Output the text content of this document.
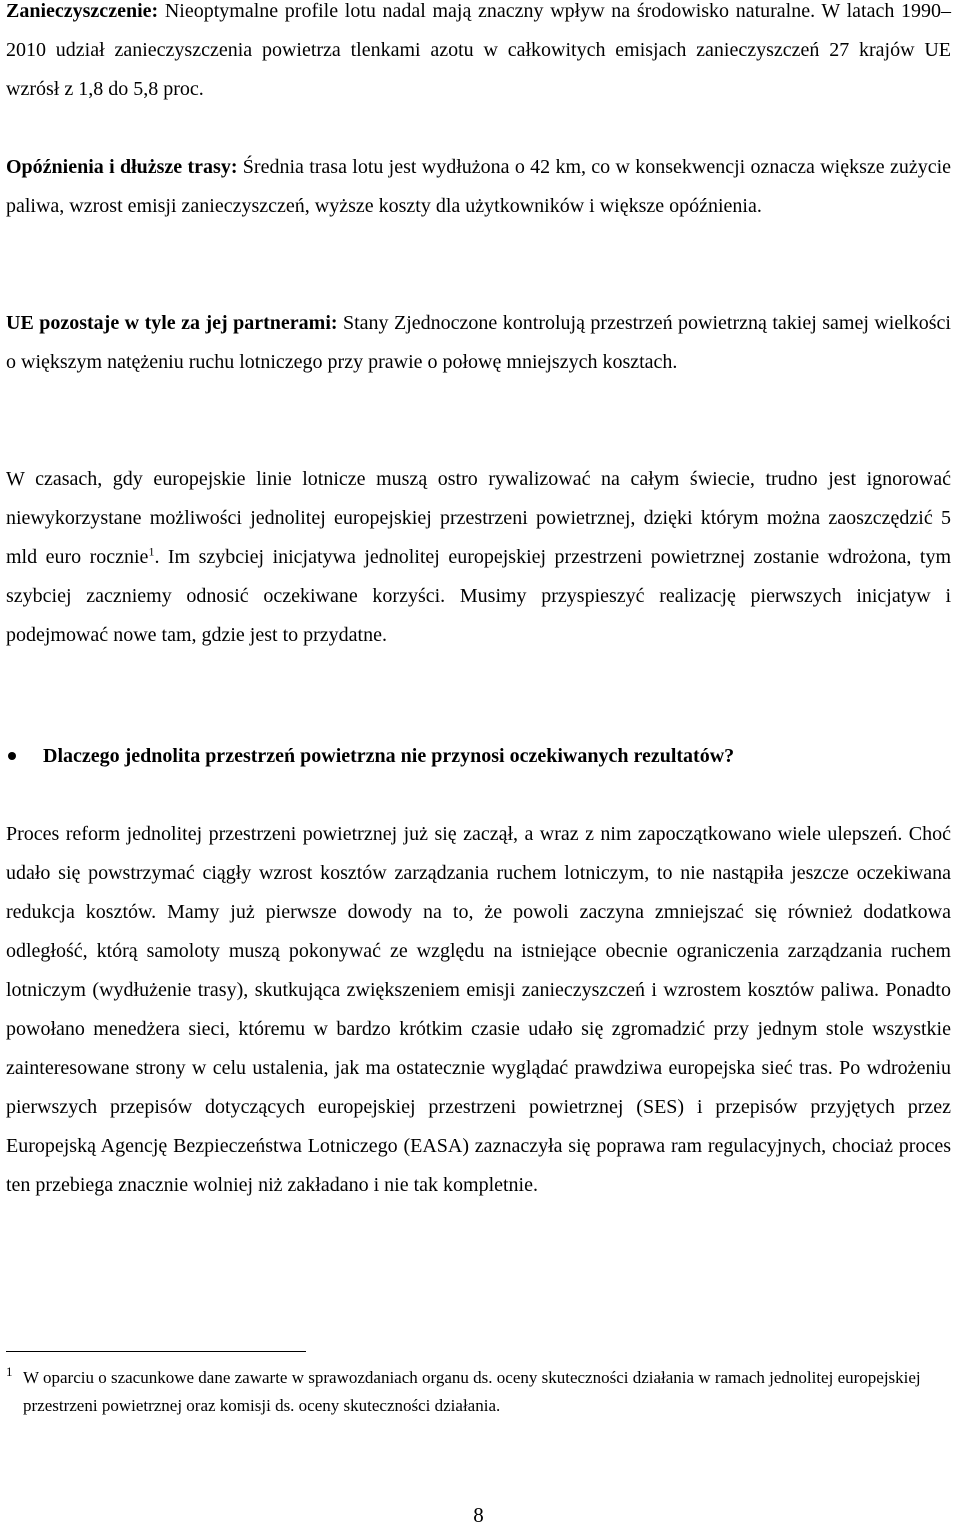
Zanieczyszczenie: Nieoptymalne profile lotu nadal mają znaczny wpływ na środowisko naturalne. W latach 1990–2010 udział zanieczyszczenia powietrza tlenkami azotu w całkowitych emisjach zanieczyszczeń 27 krajów UE wzrósł z 1,8 do 5,8 proc.

Opóźnienia i dłuższe trasy: Średnia trasa lotu jest wydłużona o 42 km, co w konsekwencji oznacza większe zużycie paliwa, wzrost emisji zanieczyszczeń, wyższe koszty dla użytkowników i większe opóźnienia.

UE pozostaje w tyle za jej partnerami: Stany Zjednoczone kontrolują przestrzeń powietrzną takiej samej wielkości o większym natężeniu ruchu lotniczego przy prawie o połowę mniejszych kosztach.

W czasach, gdy europejskie linie lotnicze muszą ostro rywalizować na całym świecie, trudno jest ignorować niewykorzystane możliwości jednolitej europejskiej przestrzeni powietrznej, dzięki którym można zaoszczędzić 5 mld euro rocznie$^1$. Im szybciej inicjatywa jednolitej europejskiej przestrzeni powietrznej zostanie wdrożona, tym szybciej zaczniemy odnosić oczekiwane korzyści. Musimy przyspieszyć realizację pierwszych inicjatyw i podejmować nowe tam, gdzie jest to przydatne.

Dlaczego jednolita przestrzeń powietrzna nie przynosi oczekiwanych rezultatów?

Proces reform jednolitej przestrzeni powietrznej już się zaczął, a wraz z nim zapoczątkowano wiele ulepszeń. Choć udało się powstrzymać ciągły wzrost kosztów zarządzania ruchem lotniczym, to nie nastąpiła jeszcze oczekiwana redukcja kosztów. Mamy już pierwsze dowody na to, że powoli zaczyna zmniejszać się również dodatkowa odległość, którą samoloty muszą pokonywać ze względu na istniejące obecnie ograniczenia zarządzania ruchem lotniczym (wydłużenie trasy), skutkująca zwiększeniem emisji zanieczyszczeń i wzrostem kosztów paliwa. Ponadto powołano menedżera sieci, któremu w bardzo krótkim czasie udało się zgromadzić przy jednym stole wszystkie zainteresowane strony w celu ustalenia, jak ma ostatecznie wyglądać prawdziwa europejska sieć tras. Po wdrożeniu pierwszych przepisów dotyczących europejskiej przestrzeni powietrznej (SES) i przepisów przyjętych przez Europejską Agencję Bezpieczeństwa Lotniczego (EASA) zaznaczyła się poprawa ram regulacyjnych, chociaż proces ten przebiega znacznie wolniej niż zakładano i nie tak kompletnie.

1 W oparciu o szacunkowe dane zawarte w sprawozdaniach organu ds. oceny skuteczności działania w ramach jednolitej europejskiej przestrzeni powietrznej oraz komisji ds. oceny skuteczności działania.
8
